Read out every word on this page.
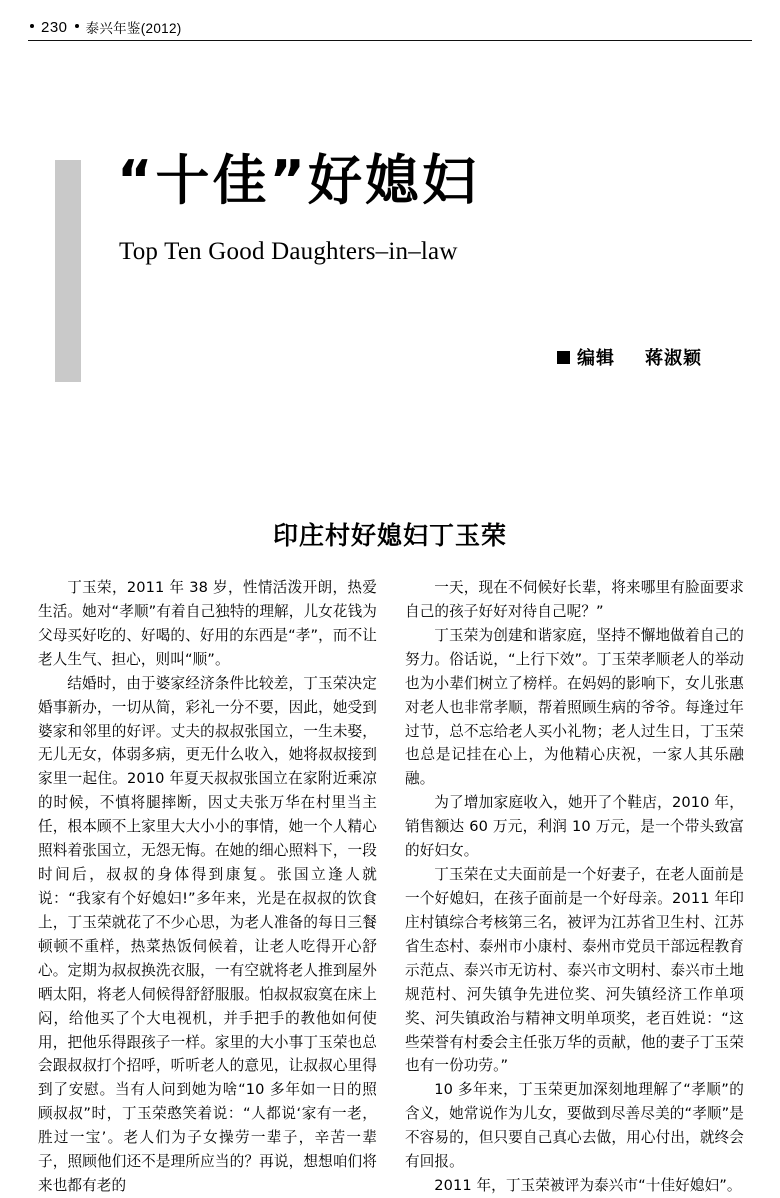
230 泰兴年鉴(2012)
“十佳”好媳妇
Top Ten Good Daughters–in–law
编辑 蒋淑颖
印庄村好媳妇丁玉荣

丁玉荣，2011 年 38 岁，性情活泼开朗，热爱生活。她对“孝顺”有着自己独特的理解，儿女花钱为父母买好吃的、好喝的、好用的东西是“孝”，而不让老人生气、担心，则叫“顺”。

结婚时，由于婆家经济条件比较差，丁玉荣决定婚事新办，一切从简，彩礼一分不要，因此，她受到婆家和邻里的好评。丈夫的叔叔张国立，一生未娶，无儿无女，体弱多病，更无什么收入，她将叔叔接到家里一起住。2010 年夏天叔叔张国立在家附近乘凉的时候，不慎将腿摔断，因丈夫张万华在村里当主任，根本顾不上家里大大小小的事情，她一个人精心照料着张国立，无怨无悔。在她的细心照料下，一段时间后，叔叔的身体得到康复。张国立逢人就说：“我家有个好媳妇!”多年来，光是在叔叔的饮食上，丁玉荣就花了不少心思，为老人准备的每日三餐顿顿不重样，热菜热饭伺候着，让老人吃得开心舒心。定期为叔叔换洗衣服，一有空就将老人推到屋外晒太阳，将老人伺候得舒舒服服。怕叔叔寂寞在床上闷，给他买了个大电视机，并手把手的教他如何使用，把他乐得跟孩子一样。家里的大小事丁玉荣也总会跟叔叔打个招呼，听听老人的意见，让叔叔心里得到了安慰。当有人问到她为啥“10 多年如一日的照顾叔叔”时，丁玉荣憨笑着说：“人都说‘家有一老，胜过一宝’。老人们为子女操劳一辈子，辛苦一辈子，照顾他们还不是理所应当的？再说，想想咱们将来也都有老的

一天，现在不伺候好长辈，将来哪里有脸面要求自己的孩子好好对待自己呢？”

丁玉荣为创建和谐家庭，坚持不懈地做着自己的努力。俗话说，“上行下效”。丁玉荣孝顺老人的举动也为小辈们树立了榜样。在妈妈的影响下，女儿张惠对老人也非常孝顺，帮着照顾生病的爷爷。每逢过年过节，总不忘给老人买小礼物；老人过生日，丁玉荣也总是记挂在心上，为他精心庆祝，一家人其乐融融。

为了增加家庭收入，她开了个鞋店，2010 年，销售额达 60 万元，利润 10 万元，是一个带头致富的好妇女。

丁玉荣在丈夫面前是一个好妻子，在老人面前是一个好媳妇，在孩子面前是一个好母亲。2011 年印庄村镇综合考核第三名，被评为江苏省卫生村、江苏省生态村、泰州市小康村、泰州市党员干部远程教育示范点、泰兴市无访村、泰兴市文明村、泰兴市土地规范村、河失镇争先进位奖、河失镇经济工作单项奖、河失镇政治与精神文明单项奖，老百姓说：“这些荣誉有村委会主任张万华的贡献，他的妻子丁玉荣也有一份功劳。”

10 多年来，丁玉荣更加深刻地理解了“孝顺”的含义，她常说作为儿女，要做到尽善尽美的“孝顺”是不容易的，但只要自己真心去做，用心付出，就终会有回报。

2011 年，丁玉荣被评为泰兴市“十佳好媳妇”。
